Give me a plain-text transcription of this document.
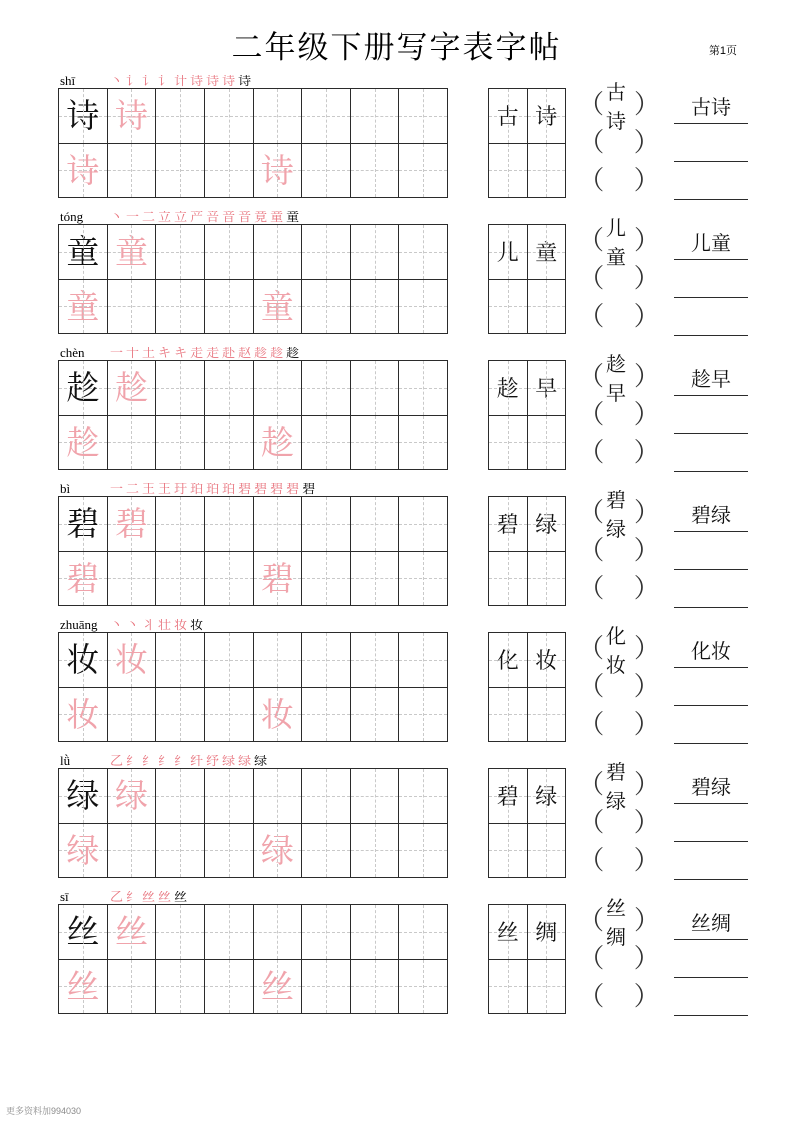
二年级下册写字表字帖	第1页
shī	丶 讠 讠 讠 计 诗 诗 诗 诗
诗 诗
诗	诗
古 诗 （ 古诗
）
（
）
（
）
古诗
tóng	丶 一 二 立 立 产 咅 音 音 竟 童 童
童 童
童	童
儿 童 （ 儿童
）
（
）
（
）
儿童
chèn	一 十 土 キ キ 走 走 赴 赵 趁 趁 趁
趁 趁
趁	趁
趁 早 （ 趁早
）
（
）
（
）
趁早
bì	一 二 王 王 玗 珀 珀 珀 碧 碧 碧 碧 碧
碧 碧
碧	碧
碧 绿 （ 碧绿
）
（
）
（
）
碧绿
zhuāng 丶 丶 丬 壮 妆 妆
妆 妆
妆	妆
化 妆 （ 化妆
）
（
）
（
）
化妆
lǜ	乙 纟 纟 纟 纟 纤 纾 绿 绿 绿
绿 绿
绿	绿
碧 绿 （ 碧绿
）
（
）
（
）
碧绿
sī	乙 纟 丝 丝 丝
丝 丝
丝	丝
丝 绸 （ 丝绸
）
（
）
（
）
丝绸
更多资料加994030
